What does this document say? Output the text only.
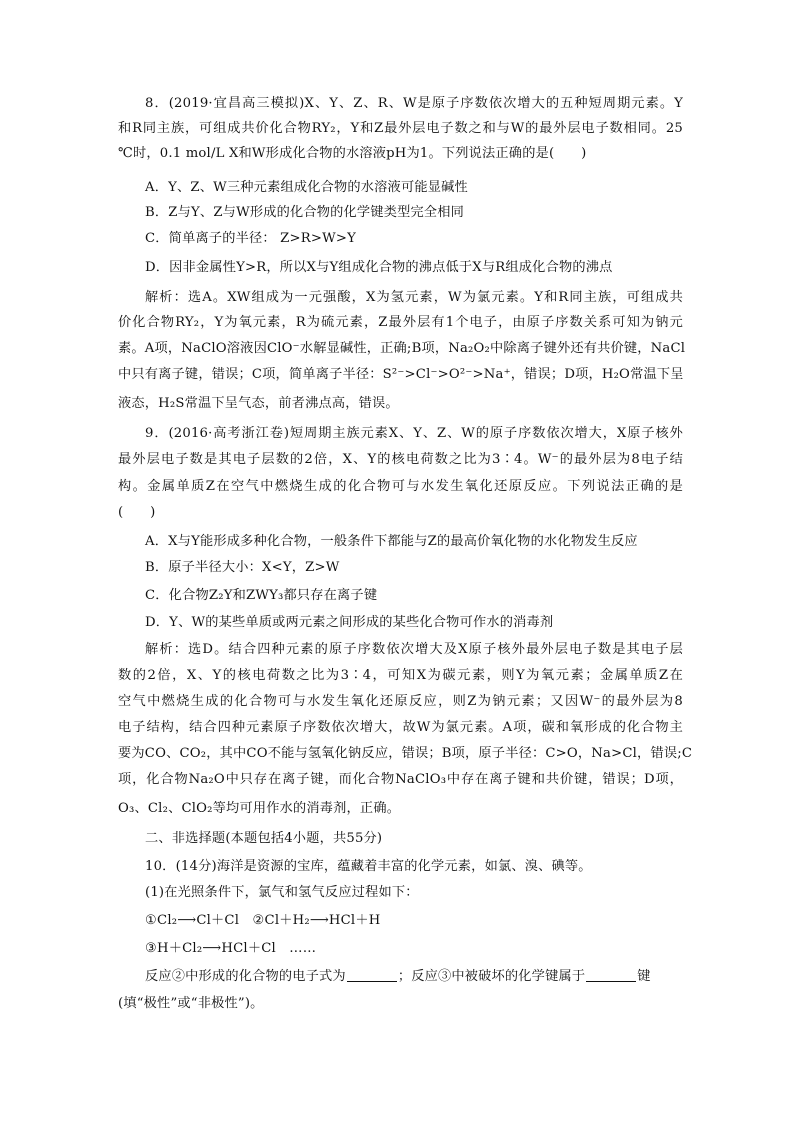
8．(2019·宜昌高三模拟)X、Y、Z、R、W是原子序数依次增大的五种短周期元素。Y
和R同主族，可组成共价化合物RY₂，Y和Z最外层电子数之和与W的最外层电子数相同。25
℃时，0.1 mol/L X和W形成化合物的水溶液pH为1。下列说法正确的是(　　)
A．Y、Z、W三种元素组成化合物的水溶液可能显碱性
B．Z与Y、Z与W形成的化合物的化学键类型完全相同
C．简单离子的半径： Z>R>W>Y
D．因非金属性Y>R，所以X与Y组成化合物的沸点低于X与R组成化合物的沸点
解析：选A。XW组成为一元强酸，X为氢元素，W为氯元素。Y和R同主族，可组成共
价化合物RY₂，Y为氧元素，R为硫元素，Z最外层有1个电子，由原子序数关系可知为钠元
素。A项，NaClO溶液因ClO⁻水解显碱性，正确;B项，Na₂O₂中除离子键外还有共价键，NaCl
中只有离子键，错误；C项，简单离子半径：S²⁻>Cl⁻>O²⁻>Na⁺，错误；D项，H₂O常温下呈
液态，H₂S常温下呈气态，前者沸点高，错误。
9．(2016·高考浙江卷)短周期主族元素X、Y、Z、W的原子序数依次增大，X原子核外
最外层电子数是其电子层数的2倍，X、Y的核电荷数之比为3∶4。W⁻的最外层为8电子结
构。金属单质Z在空气中燃烧生成的化合物可与水发生氧化还原反应。下列说法正确的是
(　　)
A．X与Y能形成多种化合物，一般条件下都能与Z的最高价氧化物的水化物发生反应
B．原子半径大小：X<Y，Z>W
C．化合物Z₂Y和ZWY₃都只存在离子键
D．Y、W的某些单质或两元素之间形成的某些化合物可作水的消毒剂
解析：选D。结合四种元素的原子序数依次增大及X原子核外最外层电子数是其电子层
数的2倍，X、Y的核电荷数之比为3∶4，可知X为碳元素，则Y为氧元素；金属单质Z在
空气中燃烧生成的化合物可与水发生氧化还原反应，则Z为钠元素；又因W⁻的最外层为8
电子结构，结合四种元素原子序数依次增大，故W为氯元素。A项，碳和氧形成的化合物主
要为CO、CO₂，其中CO不能与氢氧化钠反应，错误；B项，原子半径：C>O，Na>Cl，错误;C
项，化合物Na₂O中只存在离子键，而化合物NaClO₃中存在离子键和共价键，错误；D项，
O₃、Cl₂、ClO₂等均可用作水的消毒剂，正确。
二、非选择题(本题包括4小题，共55分)
10．(14分)海洋是资源的宝库，蕴藏着丰富的化学元素，如氯、溴、碘等。
(1)在光照条件下，氯气和氢气反应过程如下：
①Cl₂⟶Cl＋Cl　②Cl＋H₂⟶HCl＋H
③H＋Cl₂⟶HCl＋Cl　……
反应②中形成的化合物的电子式为	；反应③中被破坏的化学键属于	键
(填“极性”或“非极性”)。
